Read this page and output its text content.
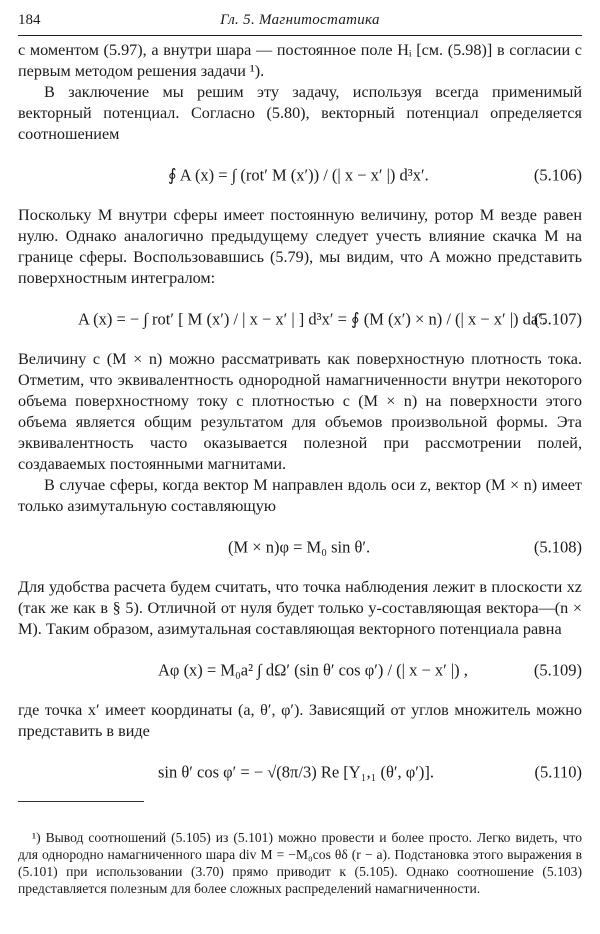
184	Гл. 5. Магнитостатика

с моментом (5.97), а внутри шара — постоянное поле Hᵢ [см. (5.98)] в согласии с первым методом решения задачи ¹).

В заключение мы решим эту задачу, используя всегда применимый векторный потенциал. Согласно (5.80), векторный потенциал определяется соотношением

∮ A (x) = ∫ (rot′ M (x′)) / (| x − x′ |) d³x′.	(5.106)

Поскольку M внутри сферы имеет постоянную величину, ротор M везде равен нулю. Однако аналогично предыдущему следует учесть влияние скачка M на границе сферы. Воспользовавшись (5.79), мы видим, что A можно представить поверхностным интегралом:

A (x) = − ∫ rot′ [ M (x′) / | x − x′ | ] d³x′ = ∮ (M (x′) × n) / (| x − x′ |) da′.
(5.107)

Величину c (M × n) можно рассматривать как поверхностную плотность тока. Отметим, что эквивалентность однородной намагниченности внутри некоторого объема поверхностному току с плотностью c (M × n) на поверхности этого объема является общим результатом для объемов произвольной формы. Эта эквивалентность часто оказывается полезной при рассмотрении полей, создаваемых постоянными магнитами.

В случае сферы, когда вектор M направлен вдоль оси z, вектор (M × n) имеет только азимутальную составляющую

(M × n)φ = M₀ sin θ′.	(5.108)

Для удобства расчета будем считать, что точка наблюдения лежит в плоскости xz (так же как в § 5). Отличной от нуля будет только y-составляющая вектора—(n × M). Таким образом, азимутальная составляющая векторного потенциала равна

Aφ (x) = M₀a² ∫ dΩ′ (sin θ′ cos φ′) / (| x − x′ |) ,	(5.109)

где точка x′ имеет координаты (a, θ′, φ′). Зависящий от углов множитель можно представить в виде

sin θ′ cos φ′ = − √(8π/3) Re [Y₁,₁ (θ′, φ′)].	(5.110)

¹) Вывод соотношений (5.105) из (5.101) можно провести и более просто. Легко видеть, что для однородно намагниченного шара div M = −M₀cos θδ (r − a). Подстановка этого выражения в (5.101) при использовании (3.70) прямо приводит к (5.105). Однако соотношение (5.103) представляется полезным для более сложных распределений намагниченности.
